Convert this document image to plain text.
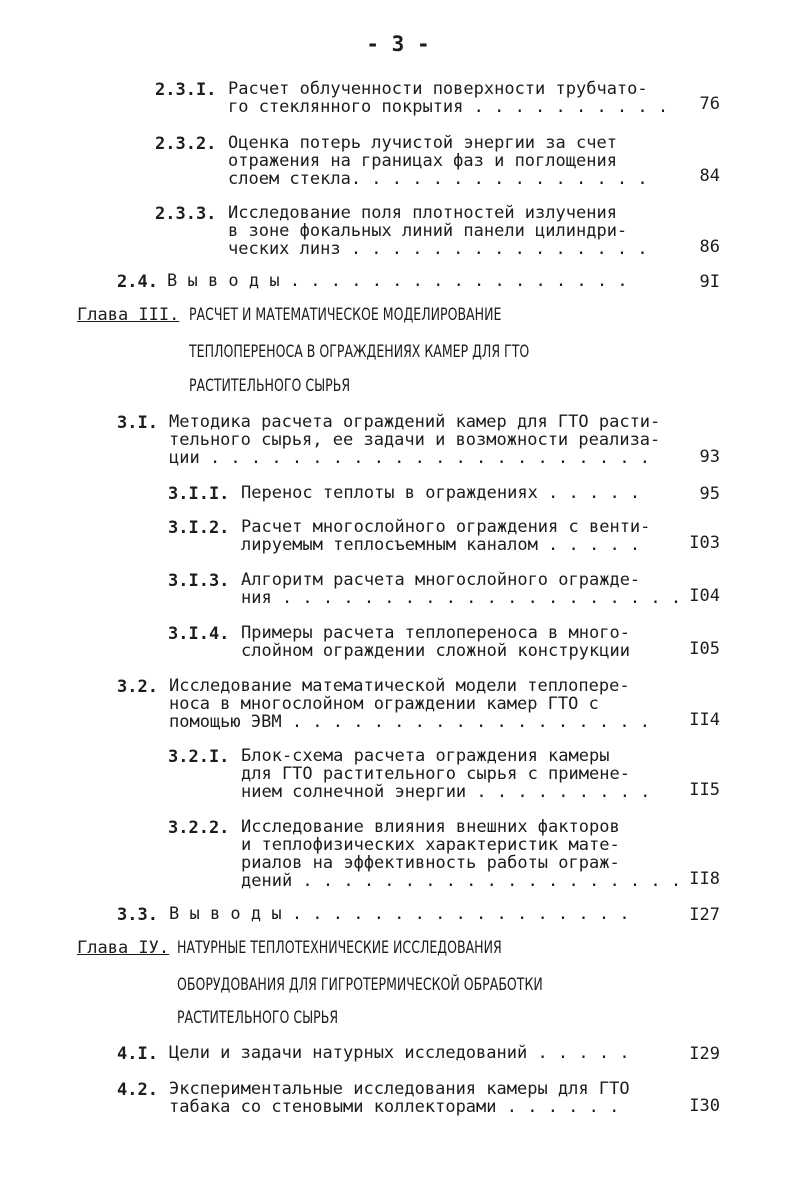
- 3 -
2.3.I. Расчет облученности поверхности трубчато-
го стеклянного покрытия . . . . . . . . . . 76
2.3.2. Оценка потерь лучистой энергии за счет
отражения на границах фаз и поглощения
слоем стекла. . . . . . . . . . . . . . .	84
2.3.3. Исследование поля плотностей излучения
в зоне фокальных линий панели цилиндри-
ческих линз . . . . . . . . . . . . . . .	86
2.4. В ы в о д ы . . . . . . . . . . . . . . . . .	9I
Глава III. РАСЧЕТ И МАТЕМАТИЧЕСКОЕ МОДЕЛИРОВАНИЕ
ТЕПЛОПЕРЕНОСА В ОГРАЖДЕНИЯХ КАМЕР ДЛЯ ГТО
РАСТИТЕЛЬНОГО СЫРЬЯ
3.I. Методика расчета ограждений камер для ГТО расти-
тельного сырья, ее задачи и возможности реализа-
ции . . . . . . . . . . . . . . . . . . . . . .	93
3.I.I. Перенос теплоты в ограждениях . . . . .	95
3.I.2. Расчет многослойного ограждения с венти-
лируемым теплосъемным каналом . . . . .	I03
3.I.3. Алгоритм расчета многослойного огражде-
ния . . . . . . . . . . . . . . . . . . . . I04
3.I.4. Примеры расчета теплопереноса в много-
слойном ограждении сложной конструкции	I05
3.2. Исследование математической модели теплопере-
носа в многослойном ограждении камер ГТО с
помощью ЭВМ . . . . . . . . . . . . . . . . . . II4
3.2.I. Блок-схема расчета ограждения камеры
для ГТО растительного сырья с примене-
нием солнечной энергии . . . . . . . . . II5
3.2.2. Исследование влияния внешних факторов
и теплофизических характеристик мате-
риалов на эффективность работы ограж-
дений . . . . . . . . . . . . . . . . . . . II8
3.3. В ы в о д ы . . . . . . . . . . . . . . . . .	I27
Глава IУ. НАТУРНЫЕ ТЕПЛОТЕХНИЧЕСКИЕ ИССЛЕДОВАНИЯ
ОБОРУДОВАНИЯ ДЛЯ ГИГРОТЕРМИЧЕСКОЙ ОБРАБОТКИ
РАСТИТЕЛЬНОГО СЫРЬЯ
4.I. Цели и задачи натурных исследований . . . . .	I29
4.2. Экспериментальные исследования камеры для ГТО
табака со стеновыми коллекторами . . . . . .	I30
